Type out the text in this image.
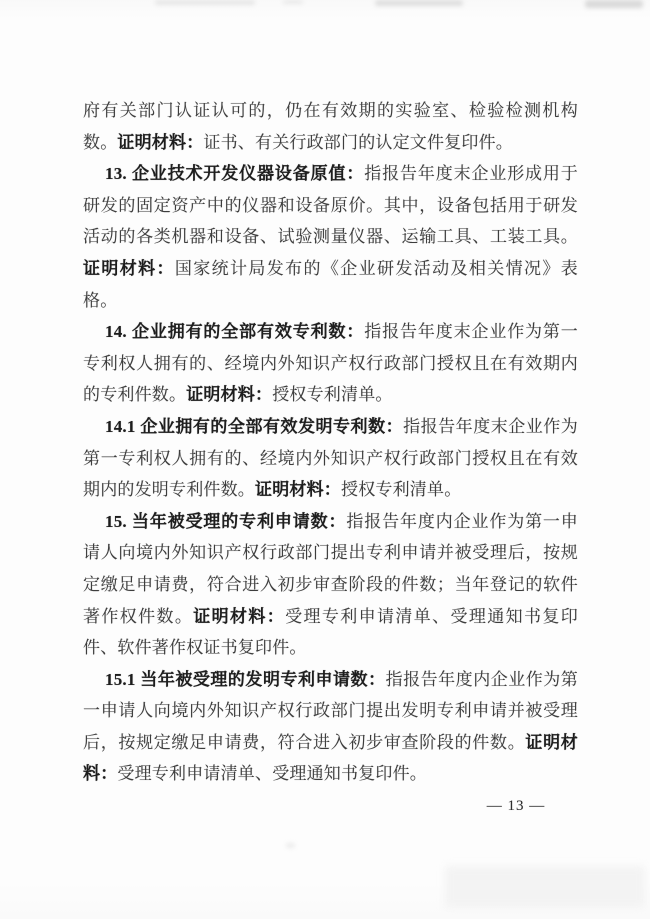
府有关部门认证认可的，仍在有效期的实验室、检验检测机构数。证明材料：证书、有关行政部门的认定文件复印件。

13. 企业技术开发仪器设备原值：指报告年度末企业形成用于研发的固定资产中的仪器和设备原价。其中，设备包括用于研发活动的各类机器和设备、试验测量仪器、运输工具、工装工具。证明材料：国家统计局发布的《企业研发活动及相关情况》表格。

14. 企业拥有的全部有效专利数：指报告年度末企业作为第一专利权人拥有的、经境内外知识产权行政部门授权且在有效期内的专利件数。证明材料：授权专利清单。

14.1 企业拥有的全部有效发明专利数：指报告年度末企业作为第一专利权人拥有的、经境内外知识产权行政部门授权且在有效期内的发明专利件数。证明材料：授权专利清单。

15. 当年被受理的专利申请数：指报告年度内企业作为第一申请人向境内外知识产权行政部门提出专利申请并被受理后，按规定缴足申请费，符合进入初步审查阶段的件数；当年登记的软件著作权件数。证明材料：受理专利申请清单、受理通知书复印件、软件著作权证书复印件。

15.1 当年被受理的发明专利申请数：指报告年度内企业作为第一申请人向境内外知识产权行政部门提出发明专利申请并被受理后，按规定缴足申请费，符合进入初步审查阶段的件数。证明材料：受理专利申请清单、受理通知书复印件。

— 13 —
